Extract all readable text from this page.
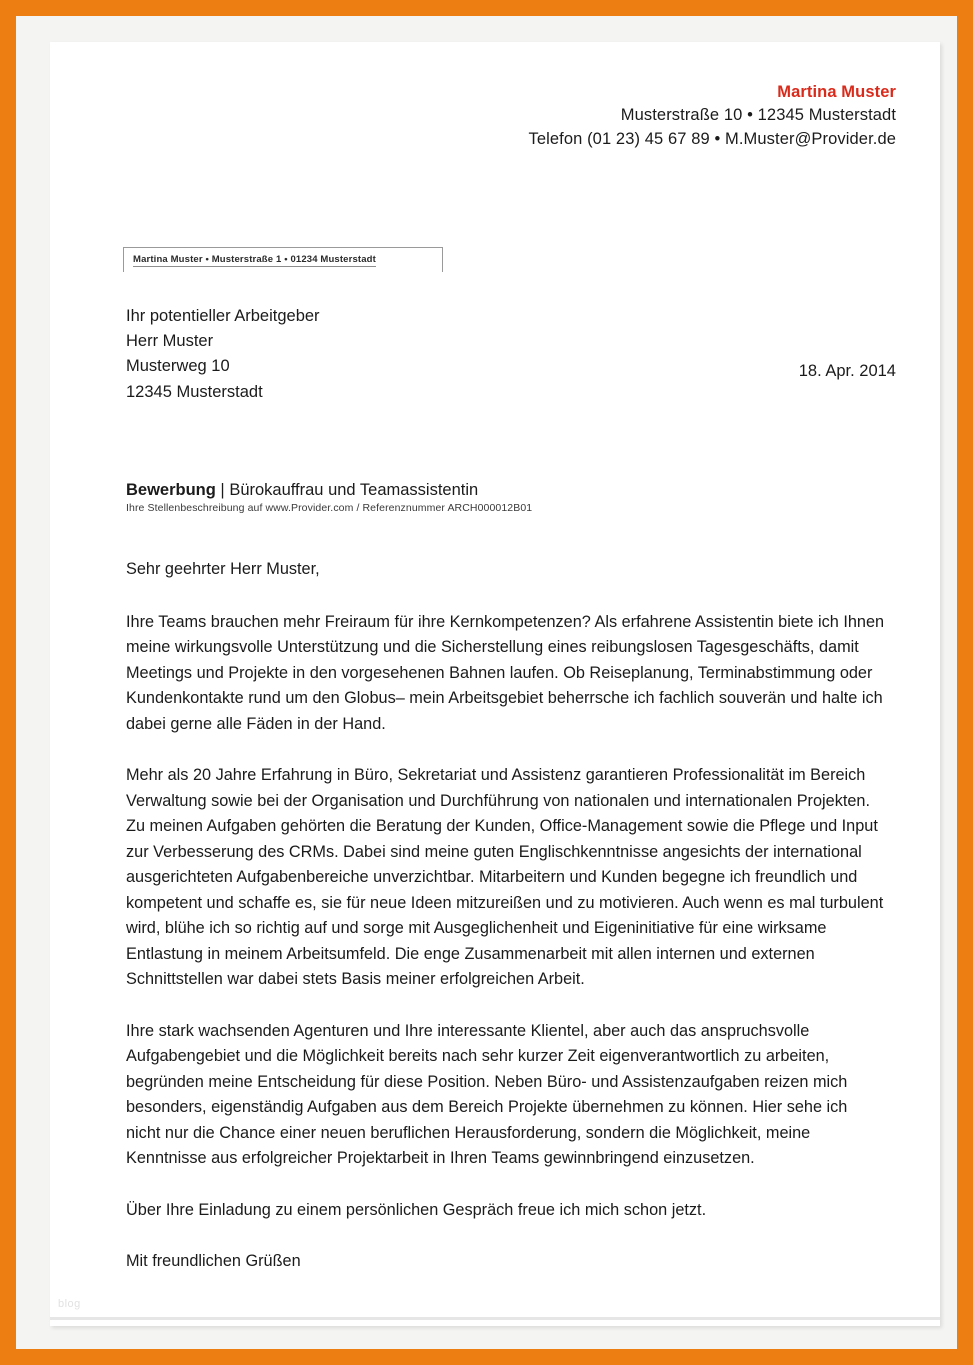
Martina Muster
Musterstraße 10 • 12345 Musterstadt
Telefon (01 23) 45 67 89 • M.Muster@Provider.de
Martina Muster • Musterstraße 1 • 01234 Musterstadt
Ihr potentieller Arbeitgeber
Herr Muster
Musterweg 10
12345 Musterstadt
18. Apr. 2014
Bewerbung | Bürokauffrau und Teamassistentin
Ihre Stellenbeschreibung auf www.Provider.com / Referenznummer ARCH000012B01

Sehr geehrter Herr Muster,

Ihre Teams brauchen mehr Freiraum für ihre Kernkompetenzen? Als erfahrene Assistentin biete ich Ihnen meine wirkungsvolle Unterstützung und die Sicherstellung eines reibungslosen Tagesgeschäfts, damit Meetings und Projekte in den vorgesehenen Bahnen laufen. Ob Reiseplanung, Terminabstimmung oder Kundenkontakte rund um den Globus– mein Arbeitsgebiet beherrsche ich fachlich souverän und halte ich dabei gerne alle Fäden in der Hand.

Mehr als 20 Jahre Erfahrung in Büro, Sekretariat und Assistenz garantieren Professionalität im Bereich Verwaltung sowie bei der Organisation und Durchführung von nationalen und internationalen Projekten. Zu meinen Aufgaben gehörten die Beratung der Kunden, Office-Management sowie die Pflege und Input zur Verbesserung des CRMs. Dabei sind meine guten Englischkenntnisse angesichts der international ausgerichteten Aufgabenbereiche unverzichtbar. Mitarbeitern und Kunden begegne ich freundlich und kompetent und schaffe es, sie für neue Ideen mitzureißen und zu motivieren. Auch wenn es mal turbulent wird, blühe ich so richtig auf und sorge mit Ausgeglichenheit und Eigeninitiative für eine wirksame Entlastung in meinem Arbeitsumfeld. Die enge Zusammenarbeit mit allen internen und externen Schnittstellen war dabei stets Basis meiner erfolgreichen Arbeit.

Ihre stark wachsenden Agenturen und Ihre interessante Klientel, aber auch das anspruchsvolle Aufgabengebiet und die Möglichkeit bereits nach sehr kurzer Zeit eigenverantwortlich zu arbeiten, begründen meine Entscheidung für diese Position. Neben Büro- und Assistenzaufgaben reizen mich besonders, eigenständig Aufgaben aus dem Bereich Projekte übernehmen zu können. Hier sehe ich nicht nur die Chance einer neuen beruflichen Herausforderung, sondern die Möglichkeit, meine Kenntnisse aus erfolgreicher Projektarbeit in Ihren Teams gewinnbringend einzusetzen.

Über Ihre Einladung zu einem persönlichen Gespräch freue ich mich schon jetzt.

Mit freundlichen Grüßen

blog
